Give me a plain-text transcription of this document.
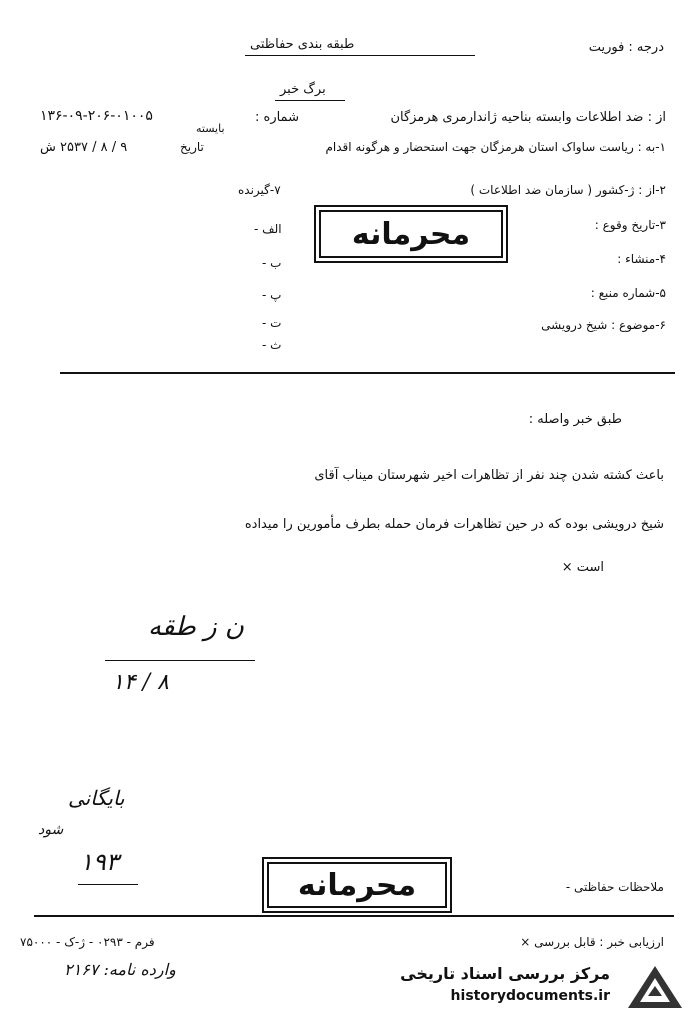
طبقه بندی حفاظتی	درجه : فوریت
برگ خبر
از : ضد اطلاعات وابسته بناحیه ژاندارمری هرمزگان
شماره :
۱۳۶-۰۹-۲۰۶-۰۱۰۰۵
۱-به : ریاست ساواک استان هرمزگان جهت استحضار و هرگونه اقدام
تاریخ
۹ / ۸ / ۲۵۳۷ ش
بایسته
۲-از : ژ-کشور ( سازمان ضد اطلاعات )
۷-گیرنده
۳-تاریخ وقوع :
۴-منشاء :
۵-شماره منبع :
۶-موضوع : شیخ درویشی
الف -
ب -
پ -
ت -
ث -
محرمانه
طبق خبر واصله :
باعث کشته شدن چند نفر از تظاهرات اخیر شهرستان میناب آقای
شیخ درویشی بوده که در حین تظاهرات فرمان حمله بطرف مأمورین را میداده
است ×
ن ز طقه
۸ / ۱۴
بایگانی
شود
۱۹۳
محرمانه	ملاحظات حفاظتی -
ارزیابی خبر : قابل بررسی ×
فرم - ۰۲۹۳ - ژ-ک - ۷۵۰۰۰
وارده نامه: ۲۱۶۷	مرکز بررسی اسناد تاریخی
historydocuments.ir
